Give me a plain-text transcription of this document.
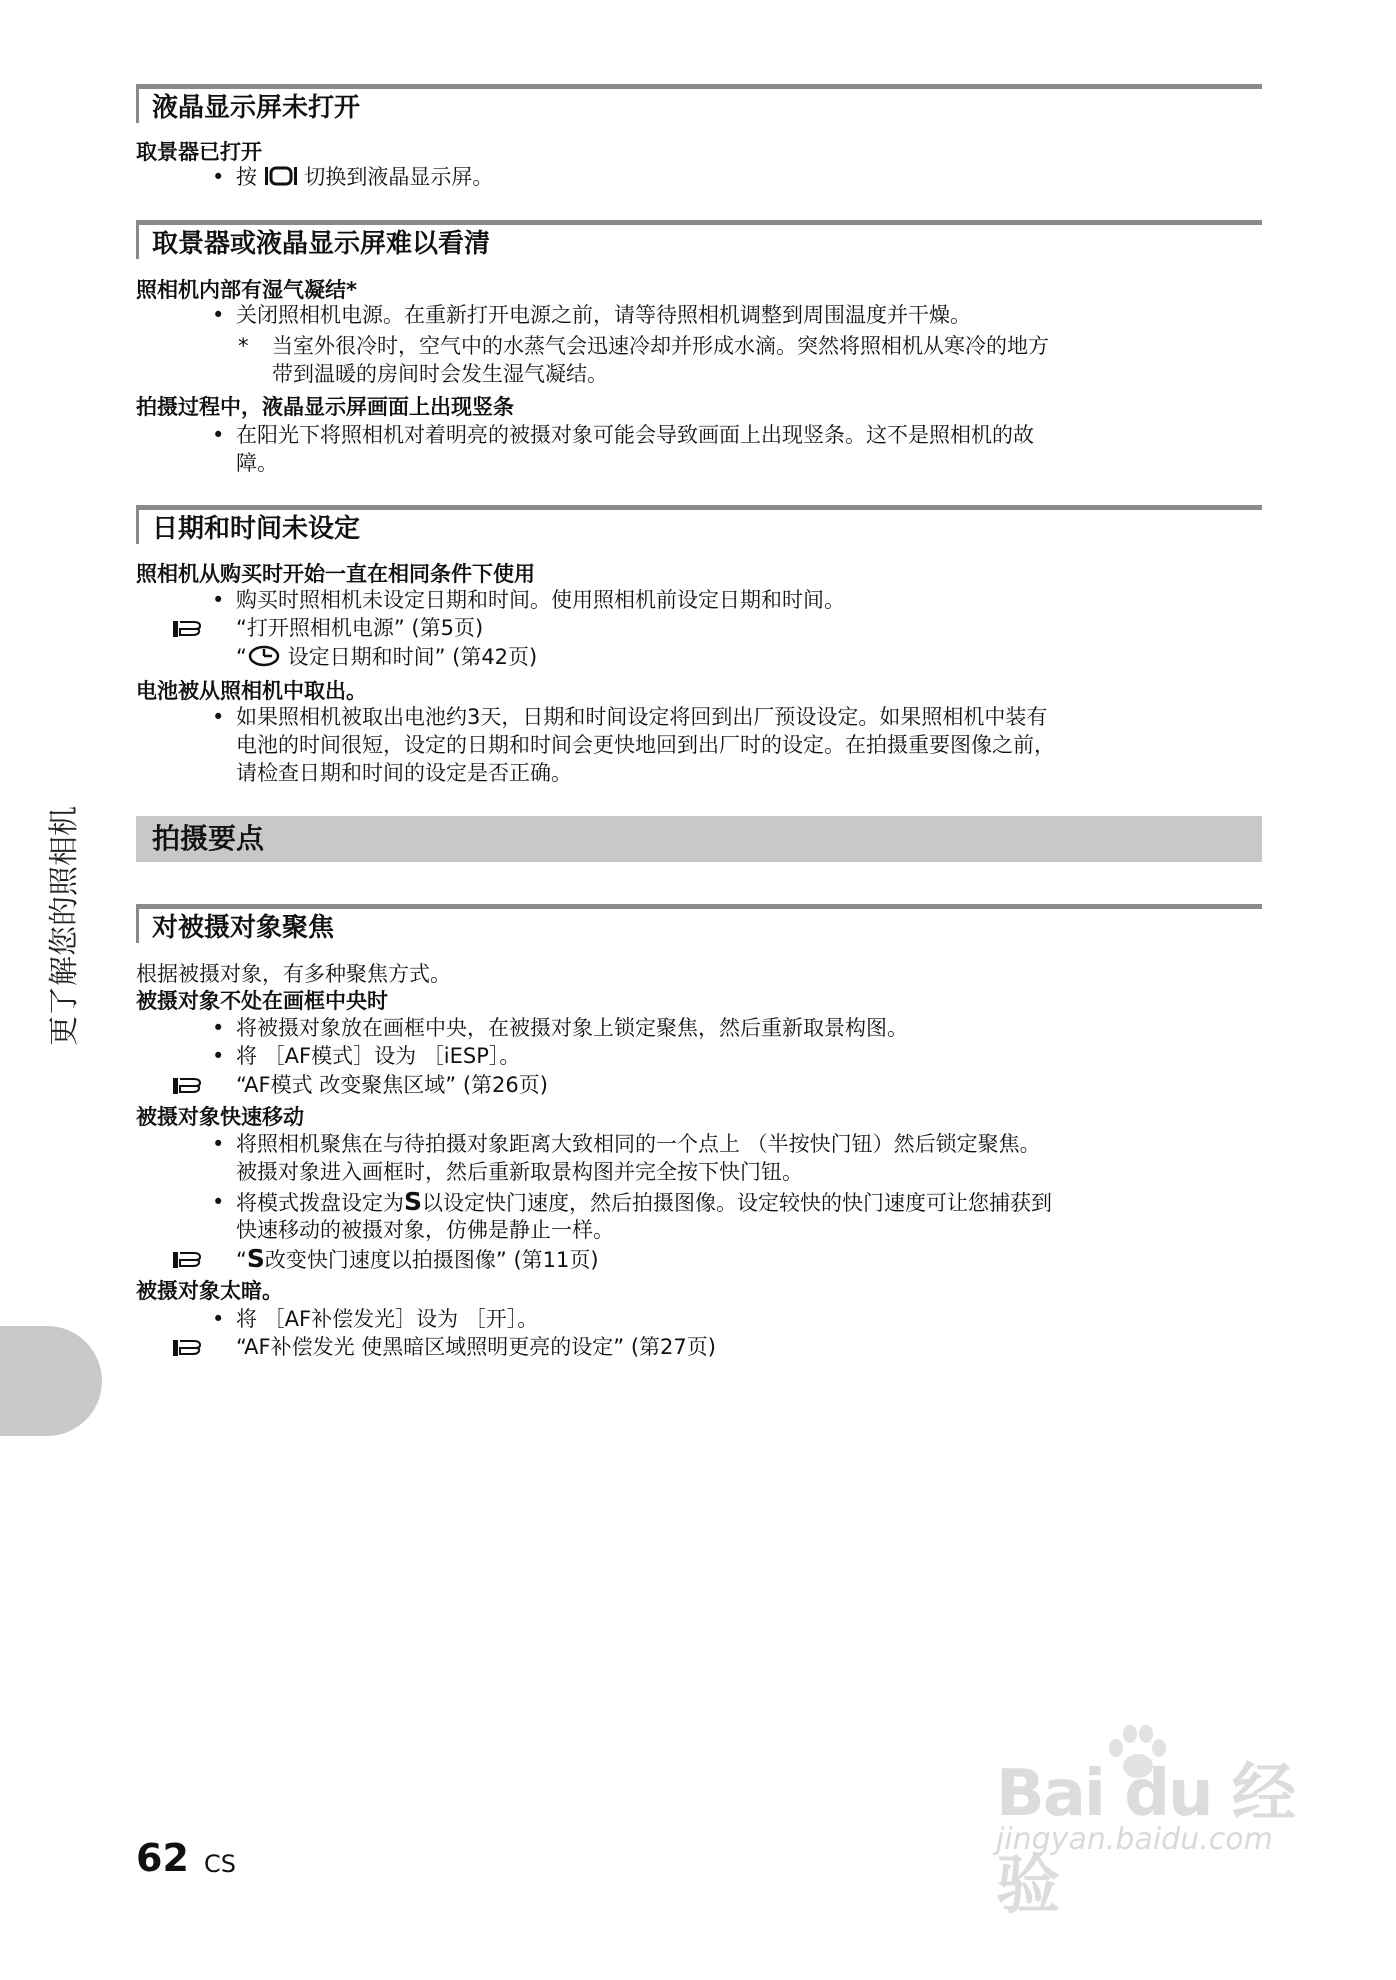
液晶显示屏未打开
取景器已打开
• 按 切换到液晶显示屏。
取景器或液晶显示屏难以看清
照相机内部有湿气凝结*
• 关闭照相机电源。在重新打开电源之前，请等待照相机调整到周围温度并干燥。
* 当室外很冷时，空气中的水蒸气会迅速冷却并形成水滴。突然将照相机从寒冷的地方
带到温暖的房间时会发生湿气凝结。
拍摄过程中，液晶显示屏画面上出现竖条
• 在阳光下将照相机对着明亮的被摄对象可能会导致画面上出现竖条。这不是照相机的故
障。
日期和时间未设定
照相机从购买时开始一直在相同条件下使用
• 购买时照相机未设定日期和时间。使用照相机前设定日期和时间。
“打开照相机电源” (第5页)
“ 设定日期和时间” (第42页)
电池被从照相机中取出。
• 如果照相机被取出电池约3天，日期和时间设定将回到出厂预设设定。如果照相机中装有
电池的时间很短，设定的日期和时间会更快地回到出厂时的设定。在拍摄重要图像之前，
请检查日期和时间的设定是否正确。
拍摄要点
对被摄对象聚焦
根据被摄对象，有多种聚焦方式。
被摄对象不处在画框中央时
• 将被摄对象放在画框中央，在被摄对象上锁定聚焦，然后重新取景构图。
• 将 ［AF模式］设为 ［iESP］。
“AF模式 改变聚焦区域” (第26页)
被摄对象快速移动
• 将照相机聚焦在与待拍摄对象距离大致相同的一个点上 （半按快门钮）然后锁定聚焦。
被摄对象进入画框时，然后重新取景构图并完全按下快门钮。
• 将模式拨盘设定为S以设定快门速度，然后拍摄图像。设定较快的快门速度可让您捕获到
快速移动的被摄对象，仿佛是静止一样。
“S改变快门速度以拍摄图像” (第11页)
被摄对象太暗。
• 将 ［AF补偿发光］设为 ［开］。
“AF补偿发光 使黑暗区域照明更亮的设定” (第27页)
更了解您的照相机
62 CS
Bai du 经验
jingyan.baidu.com
